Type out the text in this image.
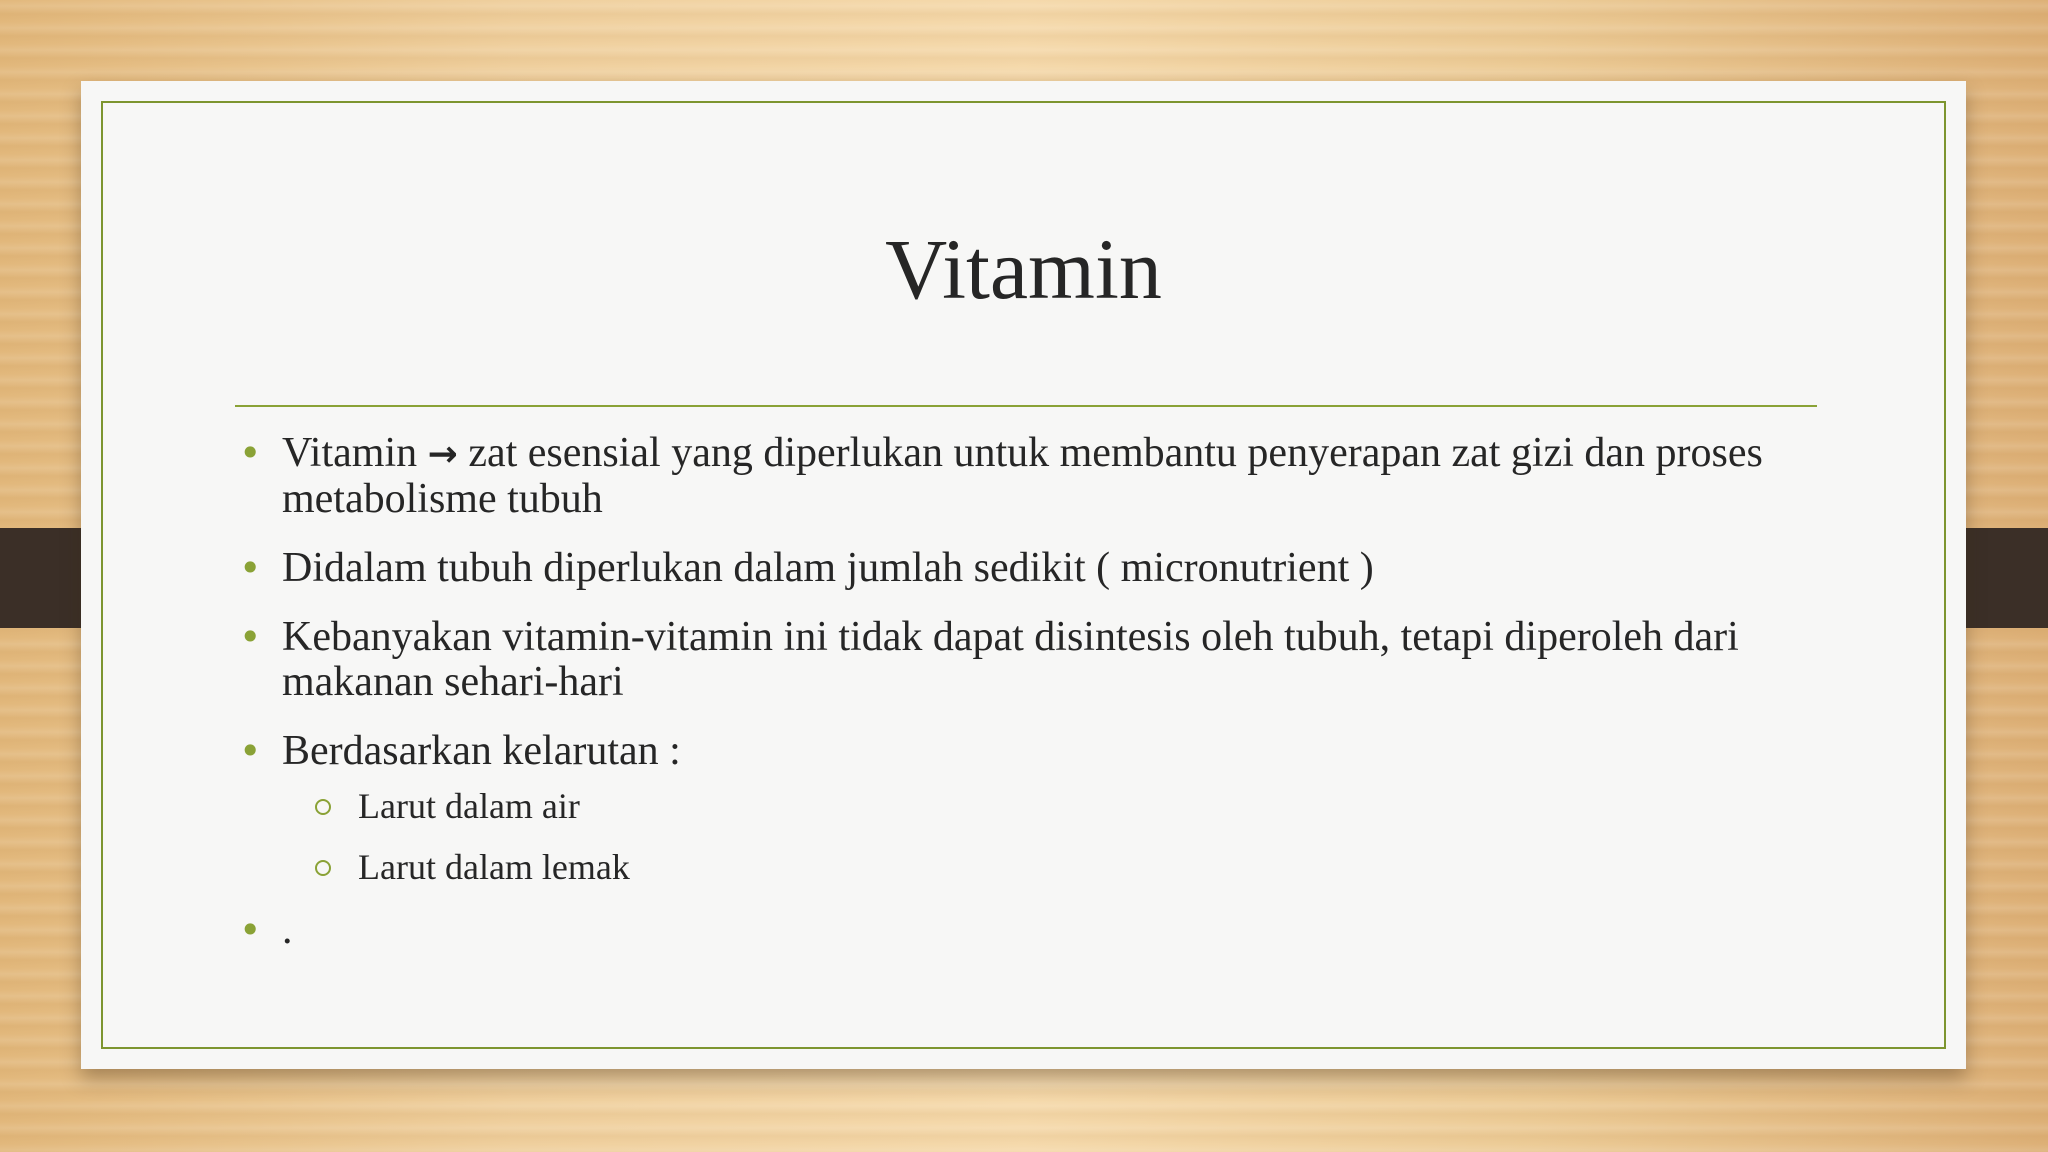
Vitamin
• Vitamin → zat esensial yang diperlukan untuk membantu penyerapan zat gizi dan proses metabolisme tubuh
• Didalam tubuh diperlukan dalam jumlah sedikit ( micronutrient )
• Kebanyakan vitamin-vitamin ini tidak dapat disintesis oleh tubuh, tetapi diperoleh dari makanan sehari-hari
• Berdasarkan kelarutan :
Larut dalam air
Larut dalam lemak
• .
